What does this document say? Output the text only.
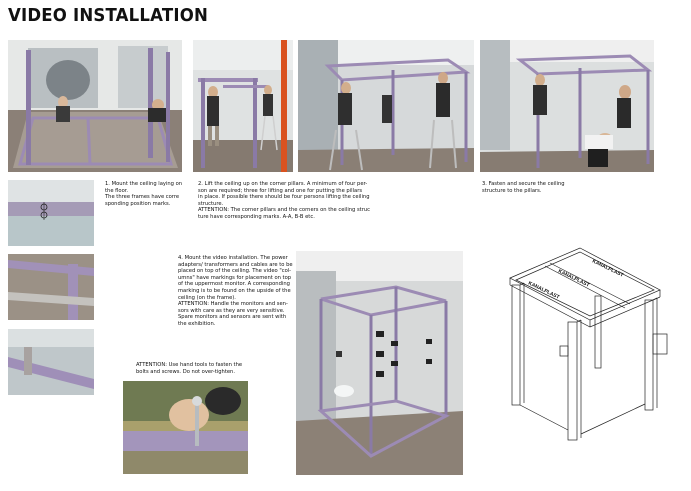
VIDEO INSTALLATION
KANALPLAST
KANALPLAST
KANALPLAST
1. Mount the ceiling laying on
the floor.
The three frames have corre
sponding position marks.
2. Lift the ceiling up on the corner pillars. A minimum of four per-
son are required; three for lifting and one for putting the pillars
in place. If possible there should be four persons lifting the ceiling
structure.
ATTENTION: The corner pillars and the corners on the ceiling struc
ture have corresponding marks. A-A, B-B etc.
3. Fasten and secure the ceiling
structure to the pillars.
4. Mount the video installation. The power
adapters/ transformers and cables are to be
placed on top of the ceiling. The video "col-
umns" have markings for placement on top
of the uppermost monitor. A corresponding
marking is to be found on the upside of the
ceiling (on the frame).
ATTENTION: Handle the monitors and sen-
sors with care as they are very sensitive.
Spare monitors and sensors are sent with
the exhibition.
ATTENTION: Use hand tools to fasten the
bolts and screws. Do not over-tighten.
